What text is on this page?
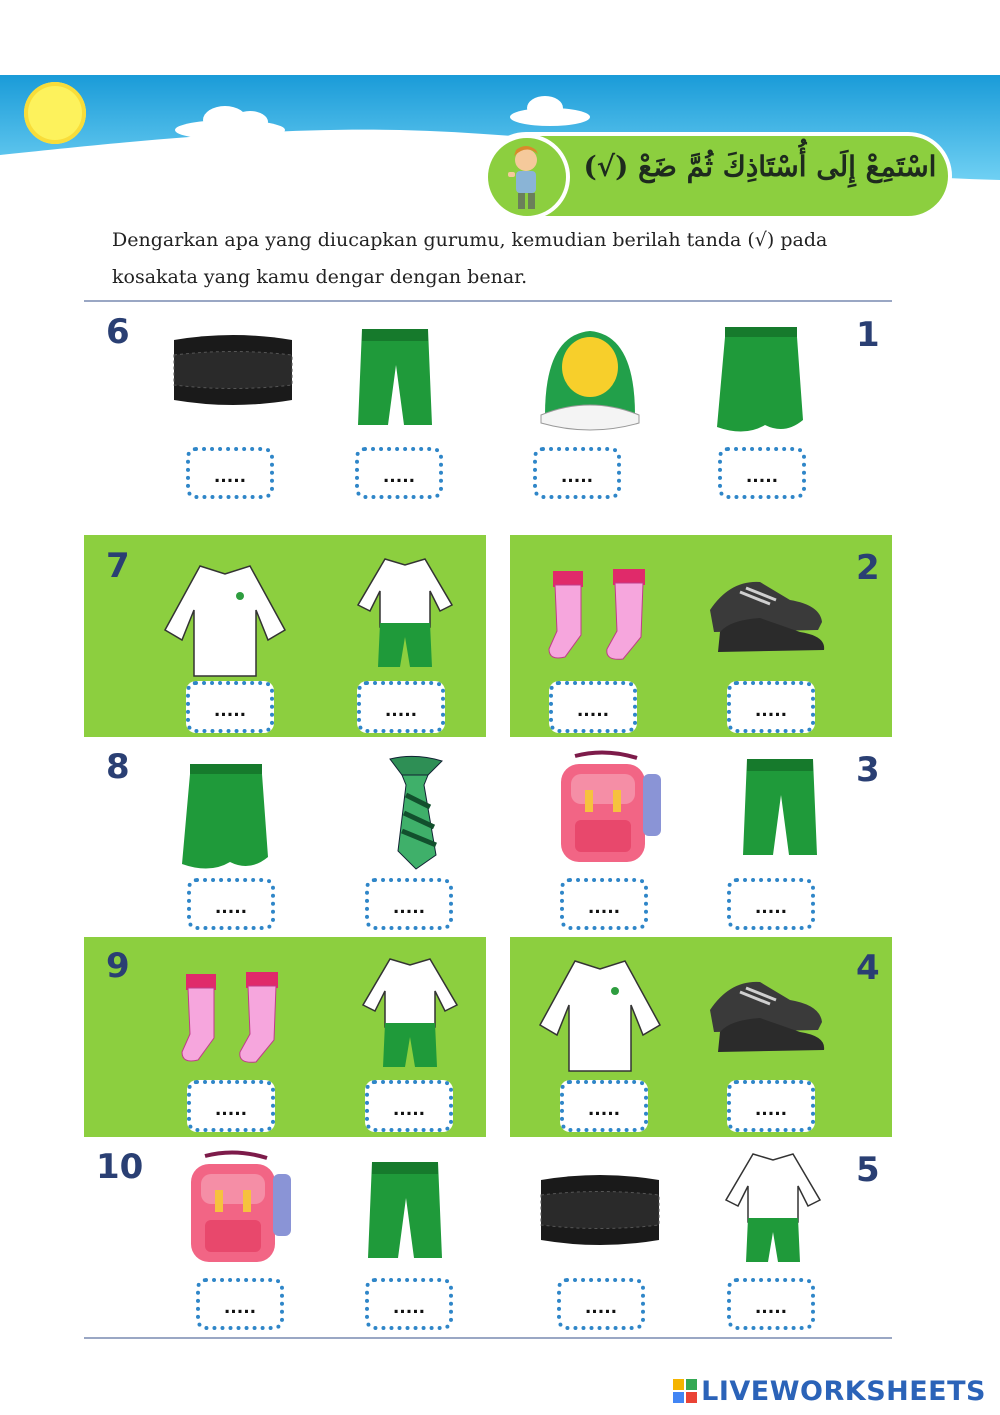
اسْتَمِعْ إِلَى أُسْتَاذِكَ ثُمَّ ضَعْ (√)
Dengarkan apa yang diucapkan gurumu, kemudian berilah tanda (√) pada
kosakata yang kamu dengar dengan benar.
6	1
7	2
8	3
9	4
10	5
.....	.....	.....	.....
.....	.....	.....	.....
.....	.....	.....	.....
.....	.....	.....	.....
.....	.....	.....	.....
LIVEWORKSHEETS
